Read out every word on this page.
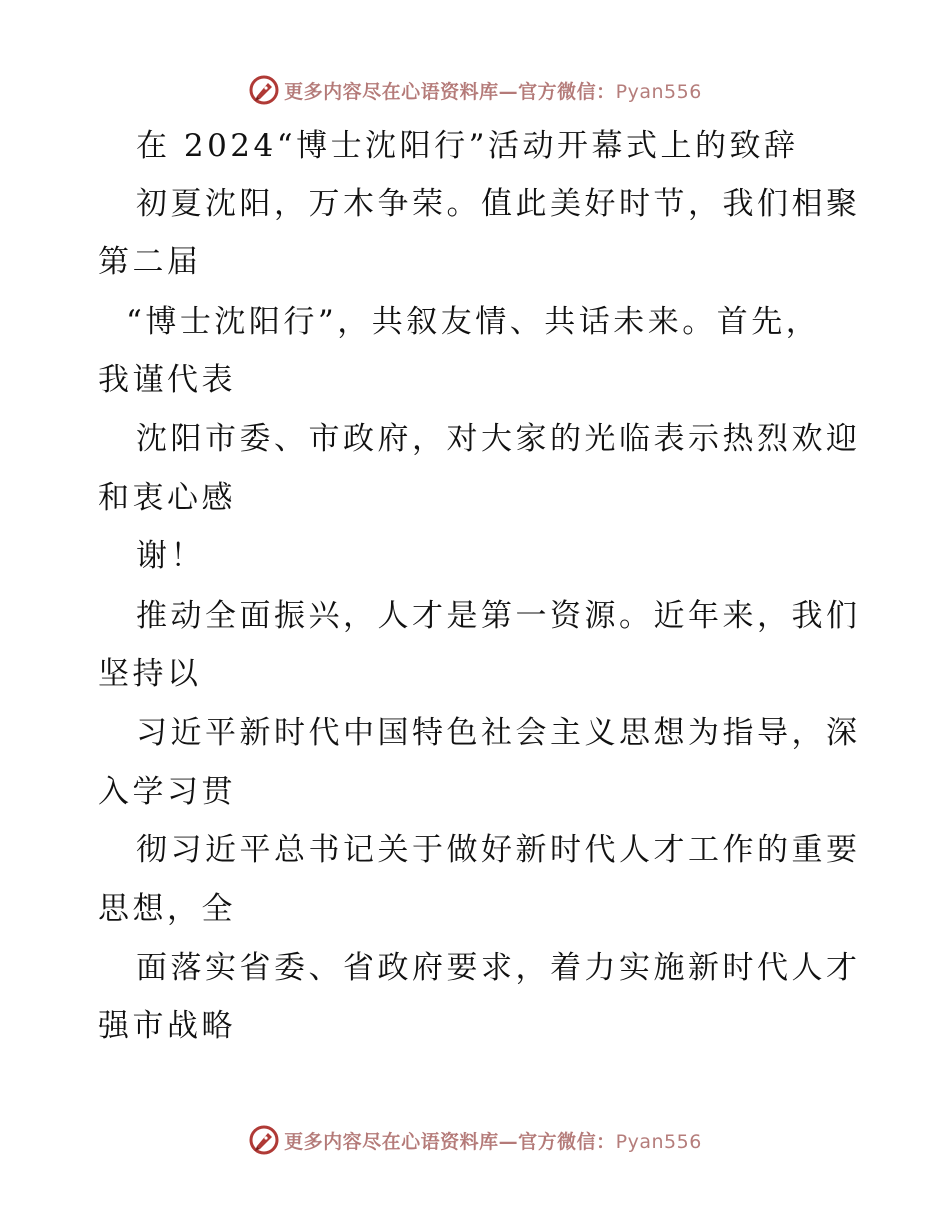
更多内容尽在心语资料库—官方微信：Pyan556
在 2024“博士沈阳行”活动开幕式上的致辞
初夏沈阳，万木争荣。值此美好时节，我们相聚
第二届
“博士沈阳行”，共叙友情、共话未来。首先，
我谨代表
沈阳市委、市政府，对大家的光临表示热烈欢迎
和衷心感
谢！
推动全面振兴，人才是第一资源。近年来，我们
坚持以
习近平新时代中国特色社会主义思想为指导，深
入学习贯
彻习近平总书记关于做好新时代人才工作的重要
思想，全
面落实省委、省政府要求，着力实施新时代人才
强市战略
更多内容尽在心语资料库—官方微信：Pyan556
